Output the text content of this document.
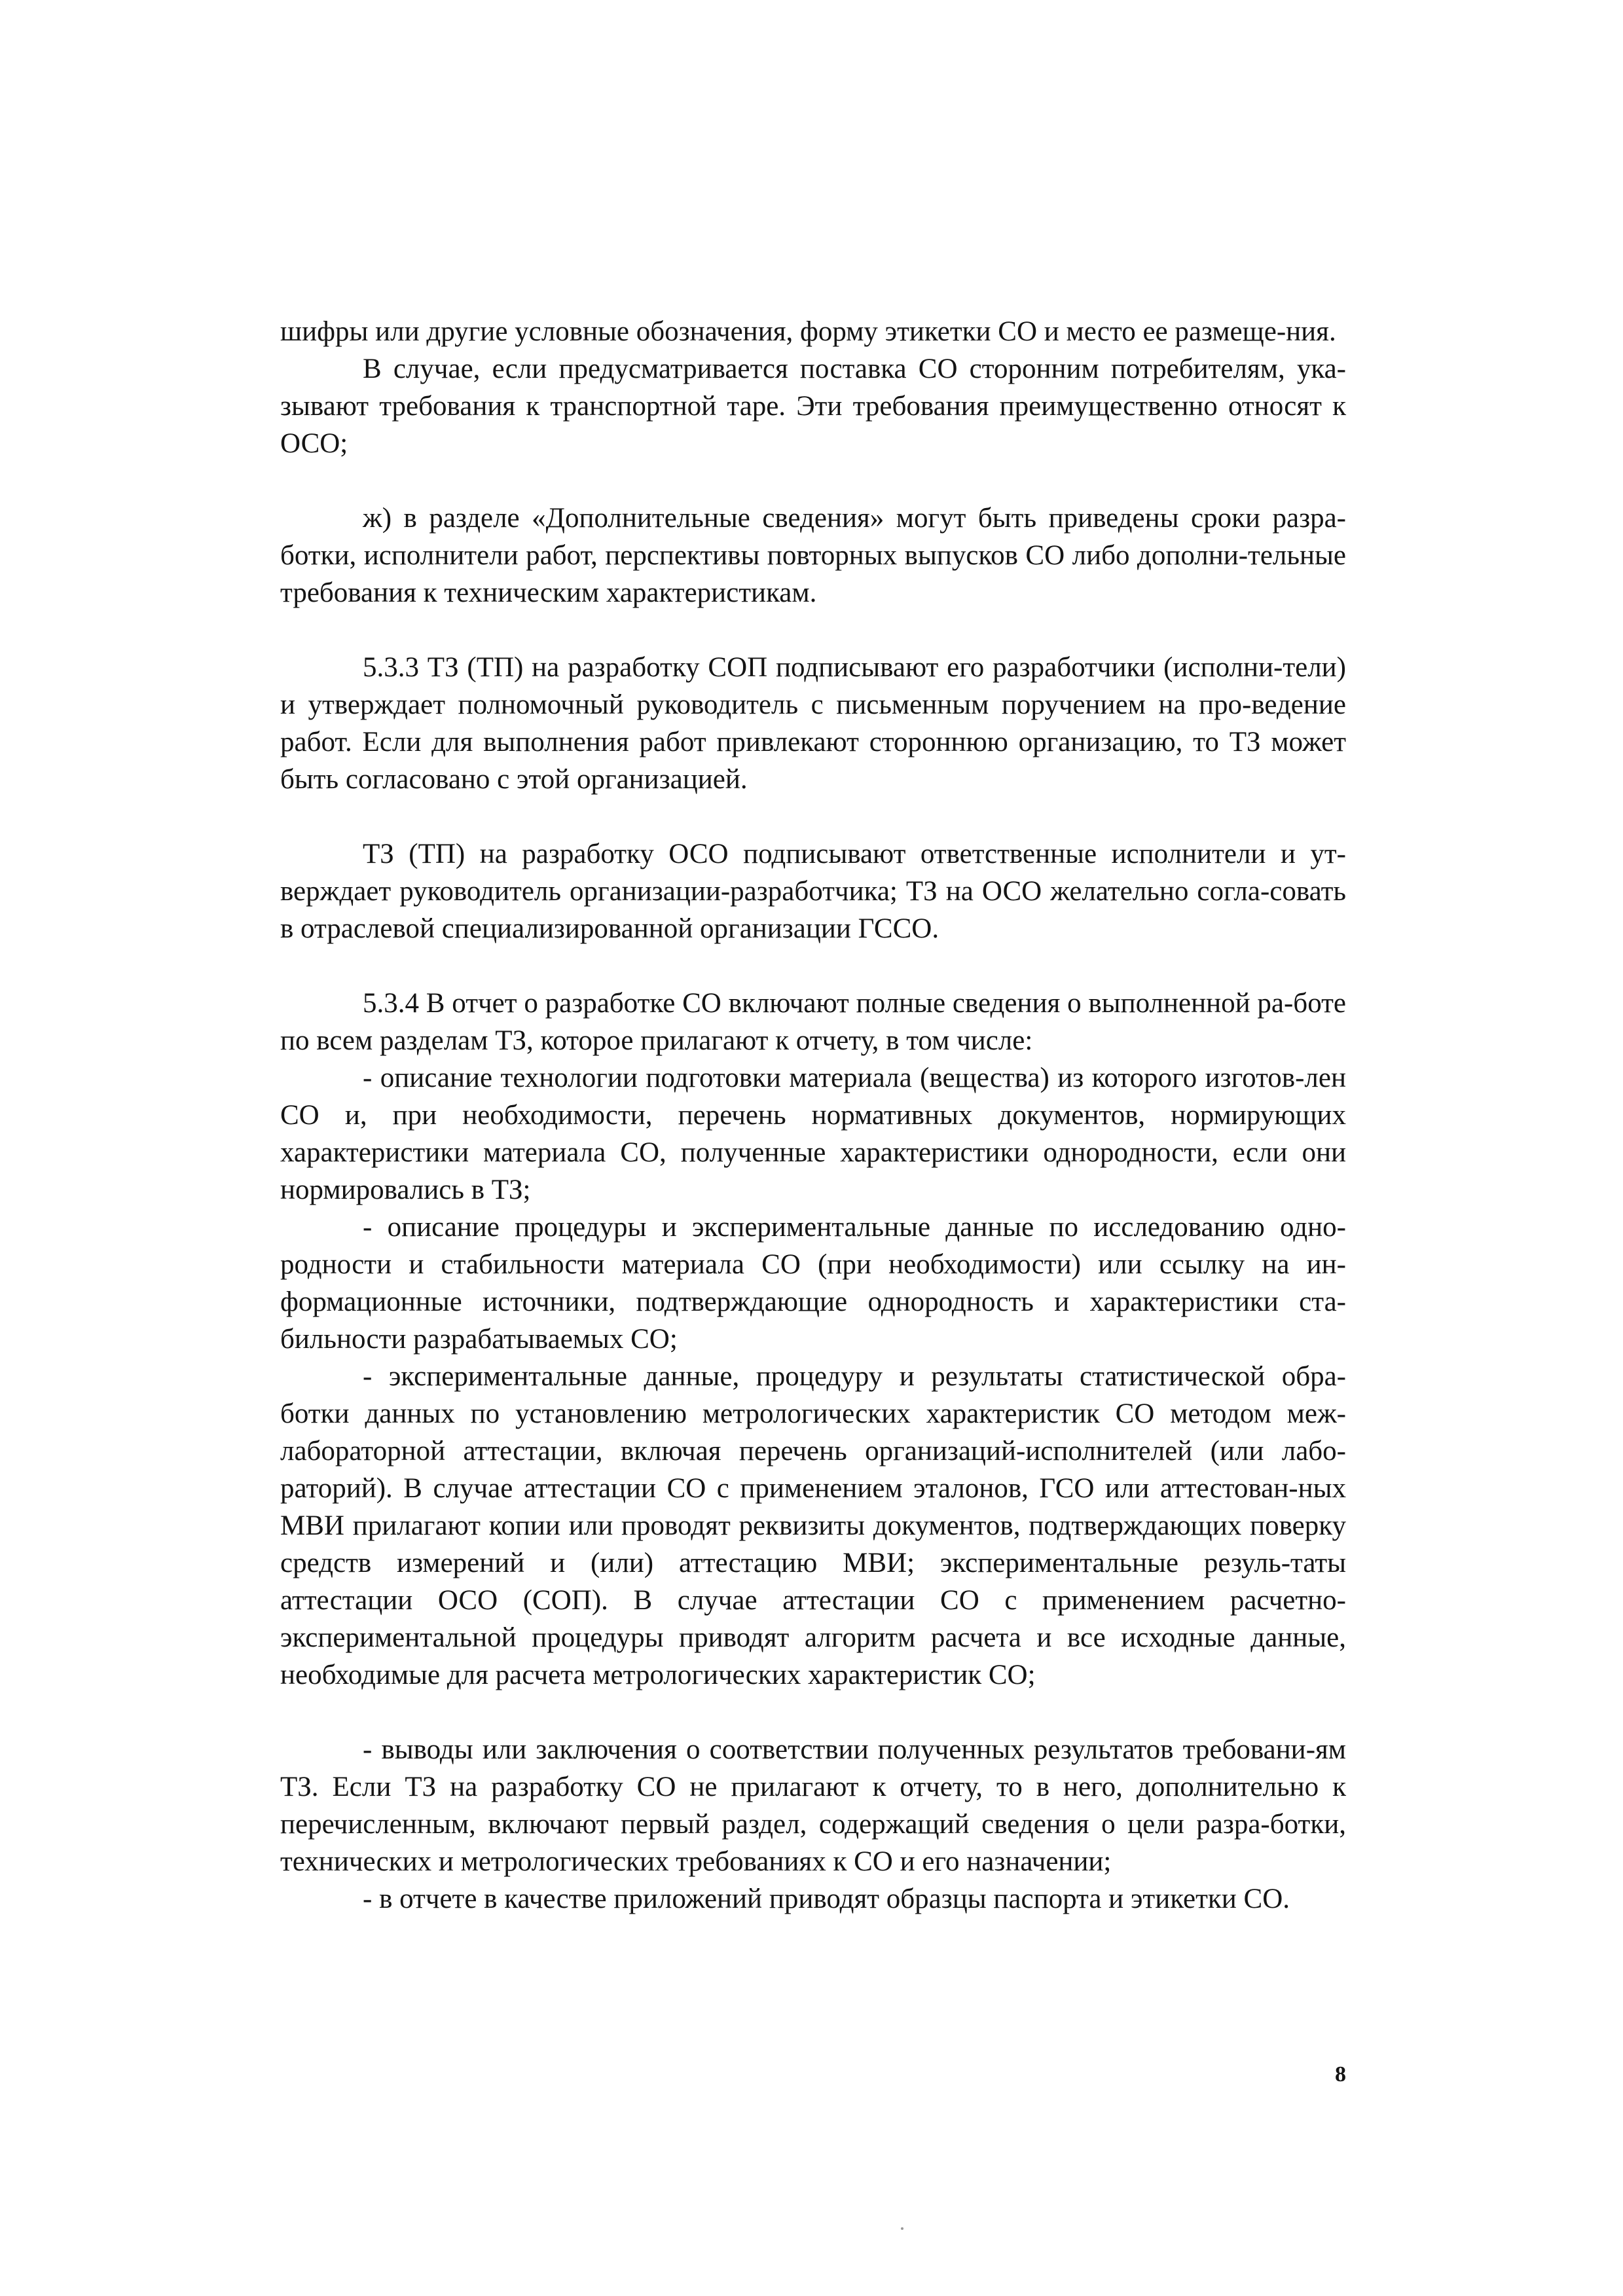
шифры или другие условные обозначения, форму этикетки СО и место ее размеще-ния.

В случае, если предусматривается поставка СО сторонним потребителям, ука-зывают требования к транспортной таре. Эти требования преимущественно относят к ОСО;

ж) в разделе «Дополнительные сведения» могут быть приведены сроки разра-ботки, исполнители работ, перспективы повторных выпусков СО либо дополни-тельные требования к техническим характеристикам.

5.3.3 ТЗ (ТП) на разработку СОП подписывают его разработчики (исполни-тели) и утверждает полномочный руководитель с письменным поручением на про-ведение работ. Если для выполнения работ привлекают стороннюю организацию, то ТЗ может быть согласовано с этой организацией.

ТЗ (ТП) на разработку ОСО подписывают ответственные исполнители и ут-верждает руководитель организации-разработчика; ТЗ на ОСО желательно согла-совать в отраслевой специализированной организации ГССО.

5.3.4 В отчет о разработке СО включают полные сведения о выполненной ра-боте по всем разделам ТЗ, которое прилагают к отчету, в том числе:

- описание технологии подготовки материала (вещества) из которого изготов-лен СО и, при необходимости, перечень нормативных документов, нормирующих характеристики материала СО, полученные характеристики однородности, если они нормировались в ТЗ;

- описание процедуры и экспериментальные данные по исследованию одно-родности и стабильности материала СО (при необходимости) или ссылку на ин-формационные источники, подтверждающие однородность и характеристики ста-бильности разрабатываемых СО;

- экспериментальные данные, процедуру и результаты статистической обра-ботки данных по установлению метрологических характеристик СО методом меж-лабораторной аттестации, включая перечень организаций-исполнителей (или лабо-раторий). В случае аттестации СО с применением эталонов, ГСО или аттестован-ных МВИ прилагают копии или проводят реквизиты документов, подтверждающих поверку средств измерений и (или) аттестацию МВИ; экспериментальные резуль-таты аттестации ОСО (СОП). В случае аттестации СО с применением расчетно-экспериментальной процедуры приводят алгоритм расчета и все исходные данные, необходимые для расчета метрологических характеристик СО;

- выводы или заключения о соответствии полученных результатов требовани-ям ТЗ. Если ТЗ на разработку СО не прилагают к отчету, то в него, дополнительно к перечисленным, включают первый раздел, содержащий сведения о цели разра-ботки, технических и метрологических требованиях к СО и его назначении;

- в отчете в качестве приложений приводят образцы паспорта и этикетки СО.

8
